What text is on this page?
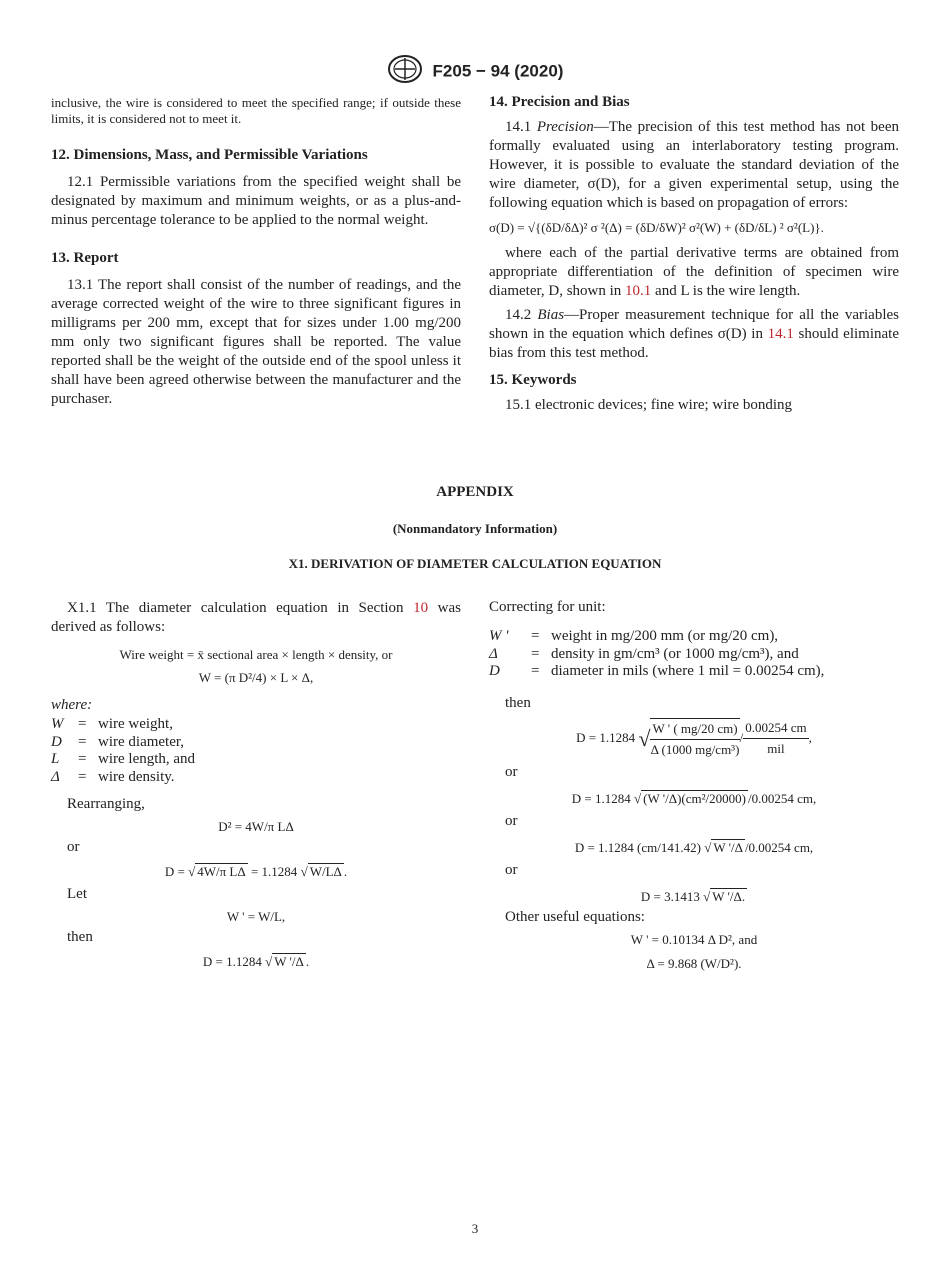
F205 − 94 (2020)

inclusive, the wire is considered to meet the specified range; if outside these limits, it is considered not to meet it.

12. Dimensions, Mass, and Permissible Variations

12.1 Permissible variations from the specified weight shall be designated by maximum and minimum weights, or as a plus-and-minus percentage tolerance to be applied to the normal weight.

13. Report

13.1 The report shall consist of the number of readings, and the average corrected weight of the wire to three significant figures in milligrams per 200 mm, except that for sizes under 1.00 mg/200 mm only two significant figures shall be reported. The value reported shall be the weight of the outside end of the spool unless it shall have been agreed otherwise between the manufacturer and the purchaser.

14. Precision and Bias

14.1 Precision—The precision of this test method has not been formally evaluated using an interlaboratory testing program. However, it is possible to evaluate the standard deviation of the wire diameter, σ(D), for a given experimental setup, using the following equation which is based on propagation of errors:

σ(D) = √{(δD/δΔ)² σ ²(Δ) = (δD/δW)² σ²(W) + (δD/δL) ² σ²(L)}.

where each of the partial derivative terms are obtained from appropriate differentiation of the definition of specimen wire diameter, D, shown in 10.1 and L is the wire length.

14.2 Bias—Proper measurement technique for all the variables shown in the equation which defines σ(D) in 14.1 should eliminate bias from this test method.

15. Keywords

15.1 electronic devices; fine wire; wire bonding

APPENDIX
(Nonmandatory Information)
X1. DERIVATION OF DIAMETER CALCULATION EQUATION

X1.1 The diameter calculation equation in Section 10 was derived as follows:

Wire weight = x̄ sectional area × length × density, or
W = (π D²/4) × L × Δ,
where:
W = wire weight,
D = wire diameter,
L = wire length, and
Δ = wire density.
Rearranging,
D² = 4W/π LΔ
or
D = √ 4W/π LΔ = 1.1284 √ W/LΔ .
Let
W ' = W/L,
then
D = 1.1284 √ W '/Δ .
Correcting for unit:
W ' = weight in mg/200 mm (or mg/20 cm),
Δ = density in gm/cm³ (or 1000 mg/cm³), and
D = diameter in mils (where 1 mil = 0.00254 cm),
then
D = 1.1284 √ $\frac{W ' ( mg/20 cm)}{\text{Δ (1000 mg/cm³)}} / \frac{0.00254 cm}{\text{mil}}$ ,
or
D = 1.1284 √ (W '/Δ)(cm²/20000) /0.00254 cm,
or
D = 1.1284 (cm/141.42) √ W '/Δ /0.00254 cm,
or
D = 3.1413 √ W '/Δ.
Other useful equations:
W ' = 0.10134 Δ D², and
Δ = 9.868 (W/D²).
3
